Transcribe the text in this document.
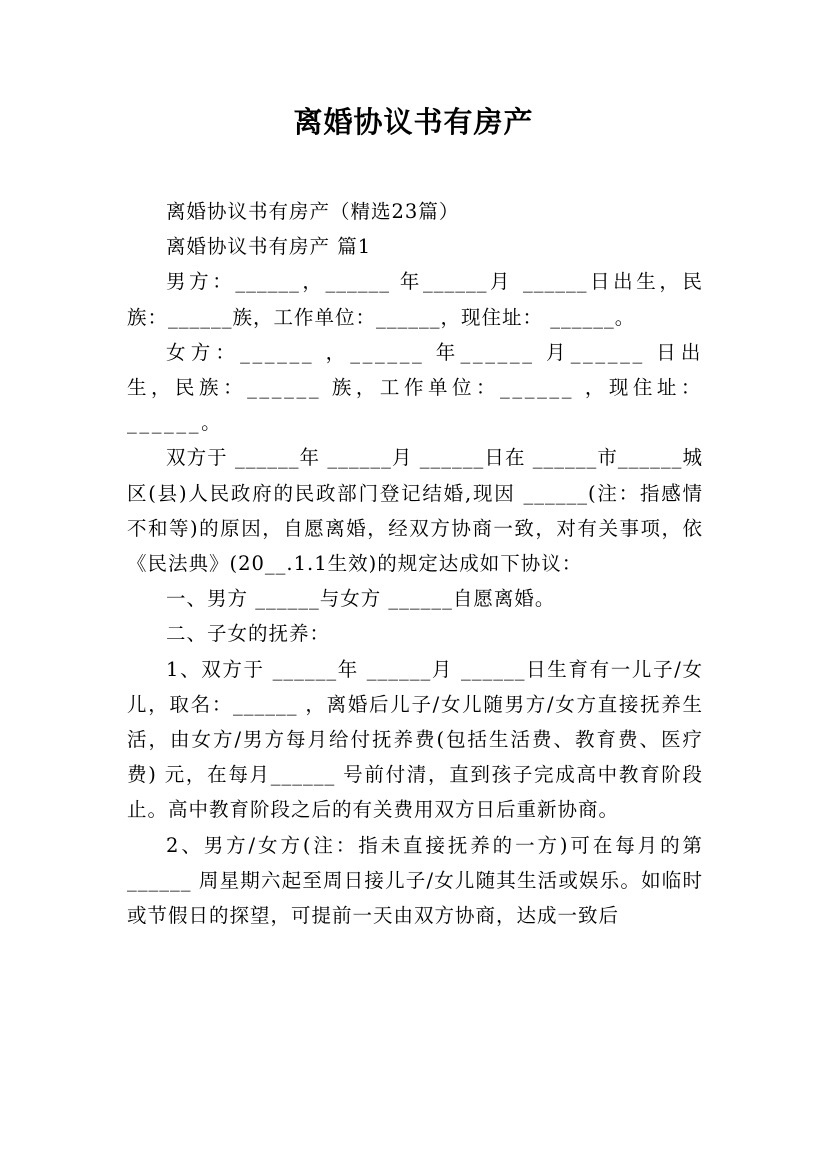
离婚协议书有房产

离婚协议书有房产（精选23篇）

离婚协议书有房产 篇1

男方：______，______ 年______月 ______日出生，民族：______族，工作单位：______，现住址： ______。

女方：______ ，______ 年______ 月______ 日出生，民族：______ 族，工作单位：______ ，现住址： ______。

双方于 ______年 ______月 ______日在 ______市______城区(县)人民政府的民政部门登记结婚,现因 ______(注：指感情不和等)的原因，自愿离婚，经双方协商一致，对有关事项，依《民法典》(20__.1.1生效)的规定达成如下协议：

一、男方 ______与女方 ______自愿离婚。

二、子女的抚养：

1、双方于 ______年 ______月 ______日生育有一儿子/女儿，取名：______ ，离婚后儿子/女儿随男方/女方直接抚养生活，由女方/男方每月给付抚养费(包括生活费、教育费、医疗费) 元，在每月______ 号前付清，直到孩子完成高中教育阶段止。高中教育阶段之后的有关费用双方日后重新协商。

2、男方/女方(注：指未直接抚养的一方)可在每月的第 ______ 周星期六起至周日接儿子/女儿随其生活或娱乐。如临时或节假日的探望，可提前一天由双方协商，达成一致后
